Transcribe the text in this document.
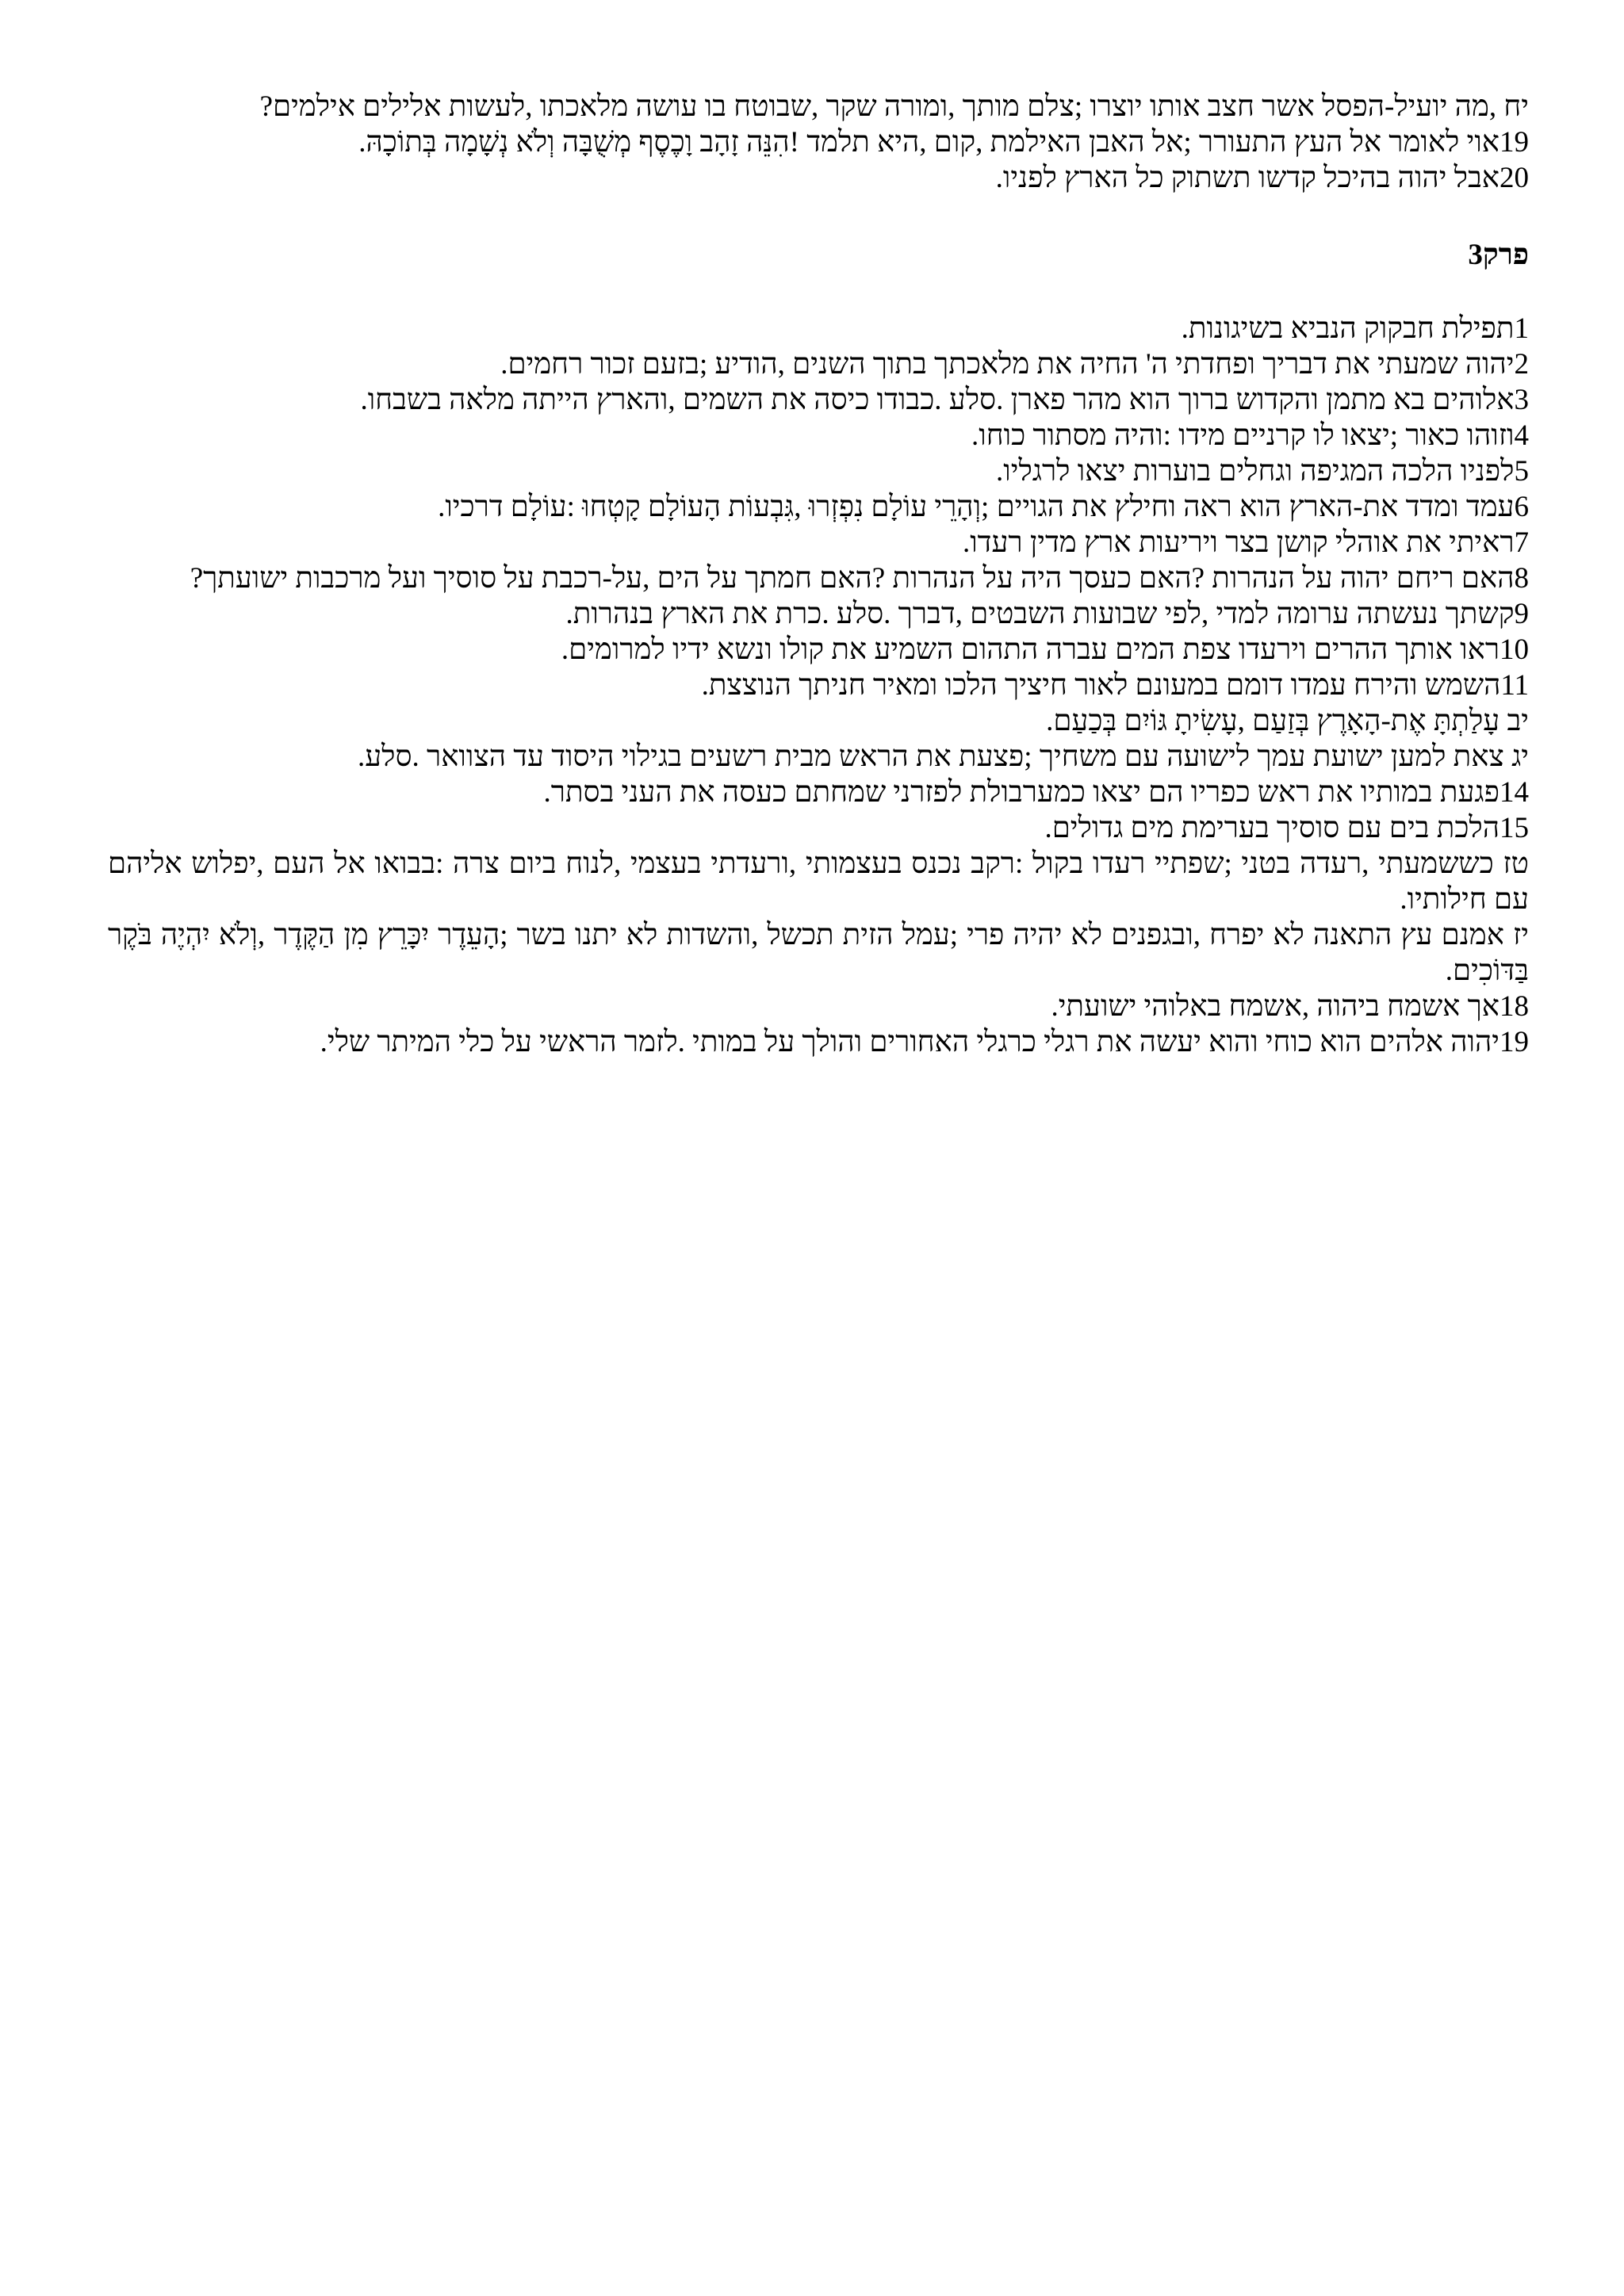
יח ,מה יועיל-הפסל אשר חצב אותו יוצרו ;צלם מותך ,ומורה שקר ,שבוטח בו עושה מלאכתו ,לעשות אלילים אילמים?

19אוי לאומר אל העץ התעורר ;אל האבן האילמת ,קום ,היא תלמד !הִנֵּה זָהָב וָכֶסֶף מְשֻׁבָּה וְלֹא נְשָׁמָה בְּתוֹכָהּ.

20אבל יהוה בהיכל קדשו תשתוק כל הארץ לפניו.

פרק3

1תפילת חבקוק הנביא בשיגונות.

2יהוה שמעתי את דבריך ופחדתי ה' החיה את מלאכתך בתוך השנים ,הודיע ;בזעם זכור רחמים.

3אלוהים בא מתמן והקדוש ברוך הוא מהר פארן .סלע .כבודו כיסה את השמים ,והארץ הייתה מלאה בשבחו.

4וזוהו כאור ;יצאו לו קרניים מידו :והיה מסתור כוחו.

5לפניו הלכה המגיפה וגחלים בוערות יצאו לרגליו.

6עמד ומדד את-הארץ הוא ראה וחילץ את הגויים ;וְהָרֵי עוֹלָם נִפְזְרוּ ,גִּבְעוֹת הָעוֹלָם קָטְחוּ :עוֹלָם דרכיו.

7ראיתי את אוהלי קושן בצר ויריעות ארץ מדין רעדו.

8האם ריחם יהוה על הנהרות ?האם כעסך היה על הנהרות ?האם חמתך על הים ,על-רכבת על סוסיך ועל מרכבות ישועתך?

9קשתך נעשתה ערומה למדי ,לפי שבועות השבטים ,דברך .סלע .כרת את הארץ בנהרות.

10ראו אותך ההרים וירעדו צפת המים עברה התהום השמיע את קולו ונשא ידיו למרומים.

11השמש והירח עמדו דומם במעונם לאור חיציך הלכו ומאיר חניתך הנוצצת.

יב עָלַתְתָּ אֶת-הָאָרֶץ בְּזַעַם ,עָשִׂיתָ גּוֹיִם בְּכַעַם.

יג צאת למען ישועת עמך לישועה עם משחיך ;פצעת את הראש מבית רשעים בגילוי היסוד עד הצוואר .סלע.

14פגעת במותיו את ראש כפריו הם יצאו כמערבולת לפזרני שמחתם כעסה את העני בסתר.

15הלכת בים עם סוסיך בערימת מים גדולים.

טז כששמעתי ,רעדה בטני ;שפתיי רעדו בקול :רקב נכנס בעצמותי ,ורעדתי בעצמי ,לנוח ביום צרה :בבואו אל העם ,יפלוש אליהם עם חילותיו.

יז אמנם עץ התאנה לא יפרח ,ובגפנים לא יהיה פרי ;עמל הזית תכשל ,והשדות לא יתנו בשר ;הָעֵדֶר יִכָּרֵץ מִן הַקֶּדֶר ,וְלֹא יִהְיֶה בֹּקֶר בַּדּוֹכִים.

18אך אשמח ביהוה ,אשמח באלוהי ישועתי.

19יהוה אלהים הוא כוחי והוא יעשה את רגלי כרגלי האחורים והולך על במותי .לזמר הראשי על כלי המיתר שלי.
